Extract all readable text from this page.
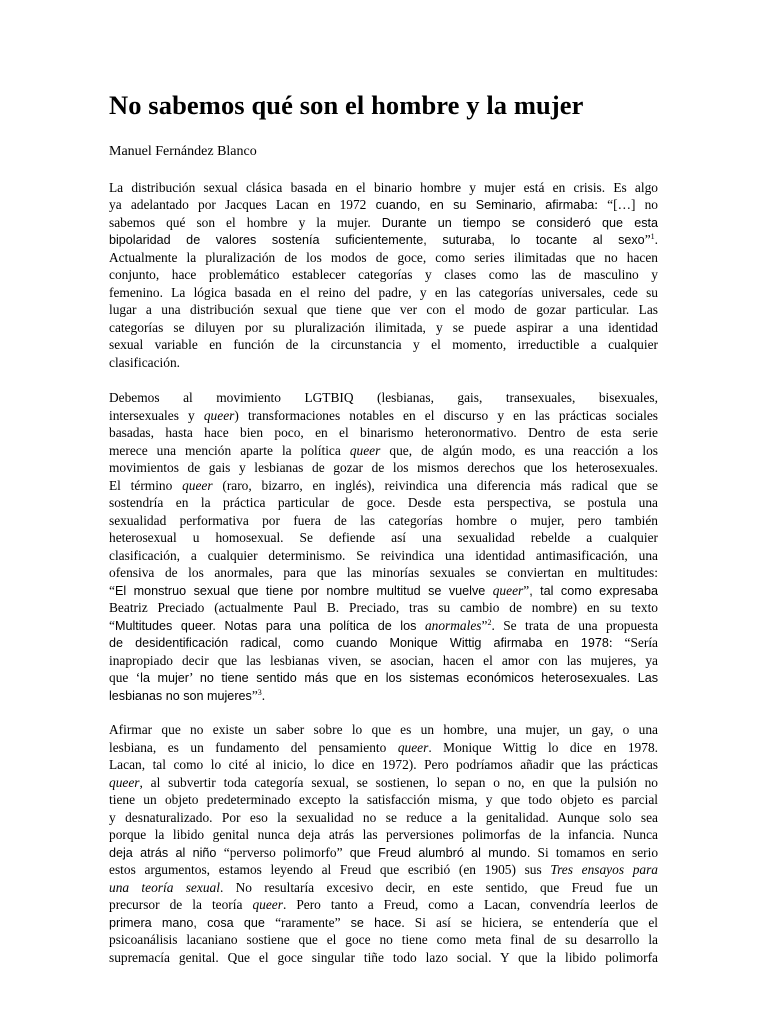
No sabemos qué son el hombre y la mujer

Manuel Fernández Blanco

La distribución sexual clásica basada en el binario hombre y mujer está en crisis. Es algo
ya adelantado por Jacques Lacan en 1972 cuando, en su Seminario, afirmaba: “[…] no
sabemos qué son el hombre y la mujer. Durante un tiempo se consideró que esta
bipolaridad de valores sostenía suficientemente, suturaba, lo tocante al sexo”$^1$.
Actualmente la pluralización de los modos de goce, como series ilimitadas que no hacen
conjunto, hace problemático establecer categorías y clases como las de masculino y
femenino. La lógica basada en el reino del padre, y en las categorías universales, cede su
lugar a una distribución sexual que tiene que ver con el modo de gozar particular. Las
categorías se diluyen por su pluralización ilimitada, y se puede aspirar a una identidad
sexual variable en función de la circunstancia y el momento, irreductible a cualquier
clasificación.
Debemos al movimiento LGTBIQ (lesbianas, gais, transexuales, bisexuales,
intersexuales y queer) transformaciones notables en el discurso y en las prácticas sociales
basadas, hasta hace bien poco, en el binarismo heteronormativo. Dentro de esta serie
merece una mención aparte la política queer que, de algún modo, es una reacción a los
movimientos de gais y lesbianas de gozar de los mismos derechos que los heterosexuales.
El término queer (raro, bizarro, en inglés), reivindica una diferencia más radical que se
sostendría en la práctica particular de goce. Desde esta perspectiva, se postula una
sexualidad performativa por fuera de las categorías hombre o mujer, pero también
heterosexual u homosexual. Se defiende así una sexualidad rebelde a cualquier
clasificación, a cualquier determinismo. Se reivindica una identidad antimasificación, una
ofensiva de los anormales, para que las minorías sexuales se conviertan en multitudes:
“El monstruo sexual que tiene por nombre multitud se vuelve queer”, tal como expresaba
Beatriz Preciado (actualmente Paul B. Preciado, tras su cambio de nombre) en su texto
“Multitudes queer. Notas para una política de los anormales”$^2$. Se trata de una propuesta
de desidentificación radical, como cuando Monique Wittig afirmaba en 1978: “Sería
inapropiado decir que las lesbianas viven, se asocian, hacen el amor con las mujeres, ya
que ‘la mujer’ no tiene sentido más que en los sistemas económicos heterosexuales. Las
lesbianas no son mujeres”$^3$.
Afirmar que no existe un saber sobre lo que es un hombre, una mujer, un gay, o una
lesbiana, es un fundamento del pensamiento queer. Monique Wittig lo dice en 1978.
Lacan, tal como lo cité al inicio, lo dice en 1972). Pero podríamos añadir que las prácticas
queer, al subvertir toda categoría sexual, se sostienen, lo sepan o no, en que la pulsión no
tiene un objeto predeterminado excepto la satisfacción misma, y que todo objeto es parcial
y desnaturalizado. Por eso la sexualidad no se reduce a la genitalidad. Aunque solo sea
porque la libido genital nunca deja atrás las perversiones polimorfas de la infancia. Nunca
deja atrás al niño “perverso polimorfo” que Freud alumbró al mundo. Si tomamos en serio
estos argumentos, estamos leyendo al Freud que escribió (en 1905) sus Tres ensayos para
una teoría sexual. No resultaría excesivo decir, en este sentido, que Freud fue un
precursor de la teoría queer. Pero tanto a Freud, como a Lacan, convendría leerlos de
primera mano, cosa que “raramente” se hace. Si así se hiciera, se entendería que el
psicoanálisis lacaniano sostiene que el goce no tiene como meta final de su desarrollo la
supremacía genital. Que el goce singular tiñe todo lazo social. Y que la libido polimorfa
